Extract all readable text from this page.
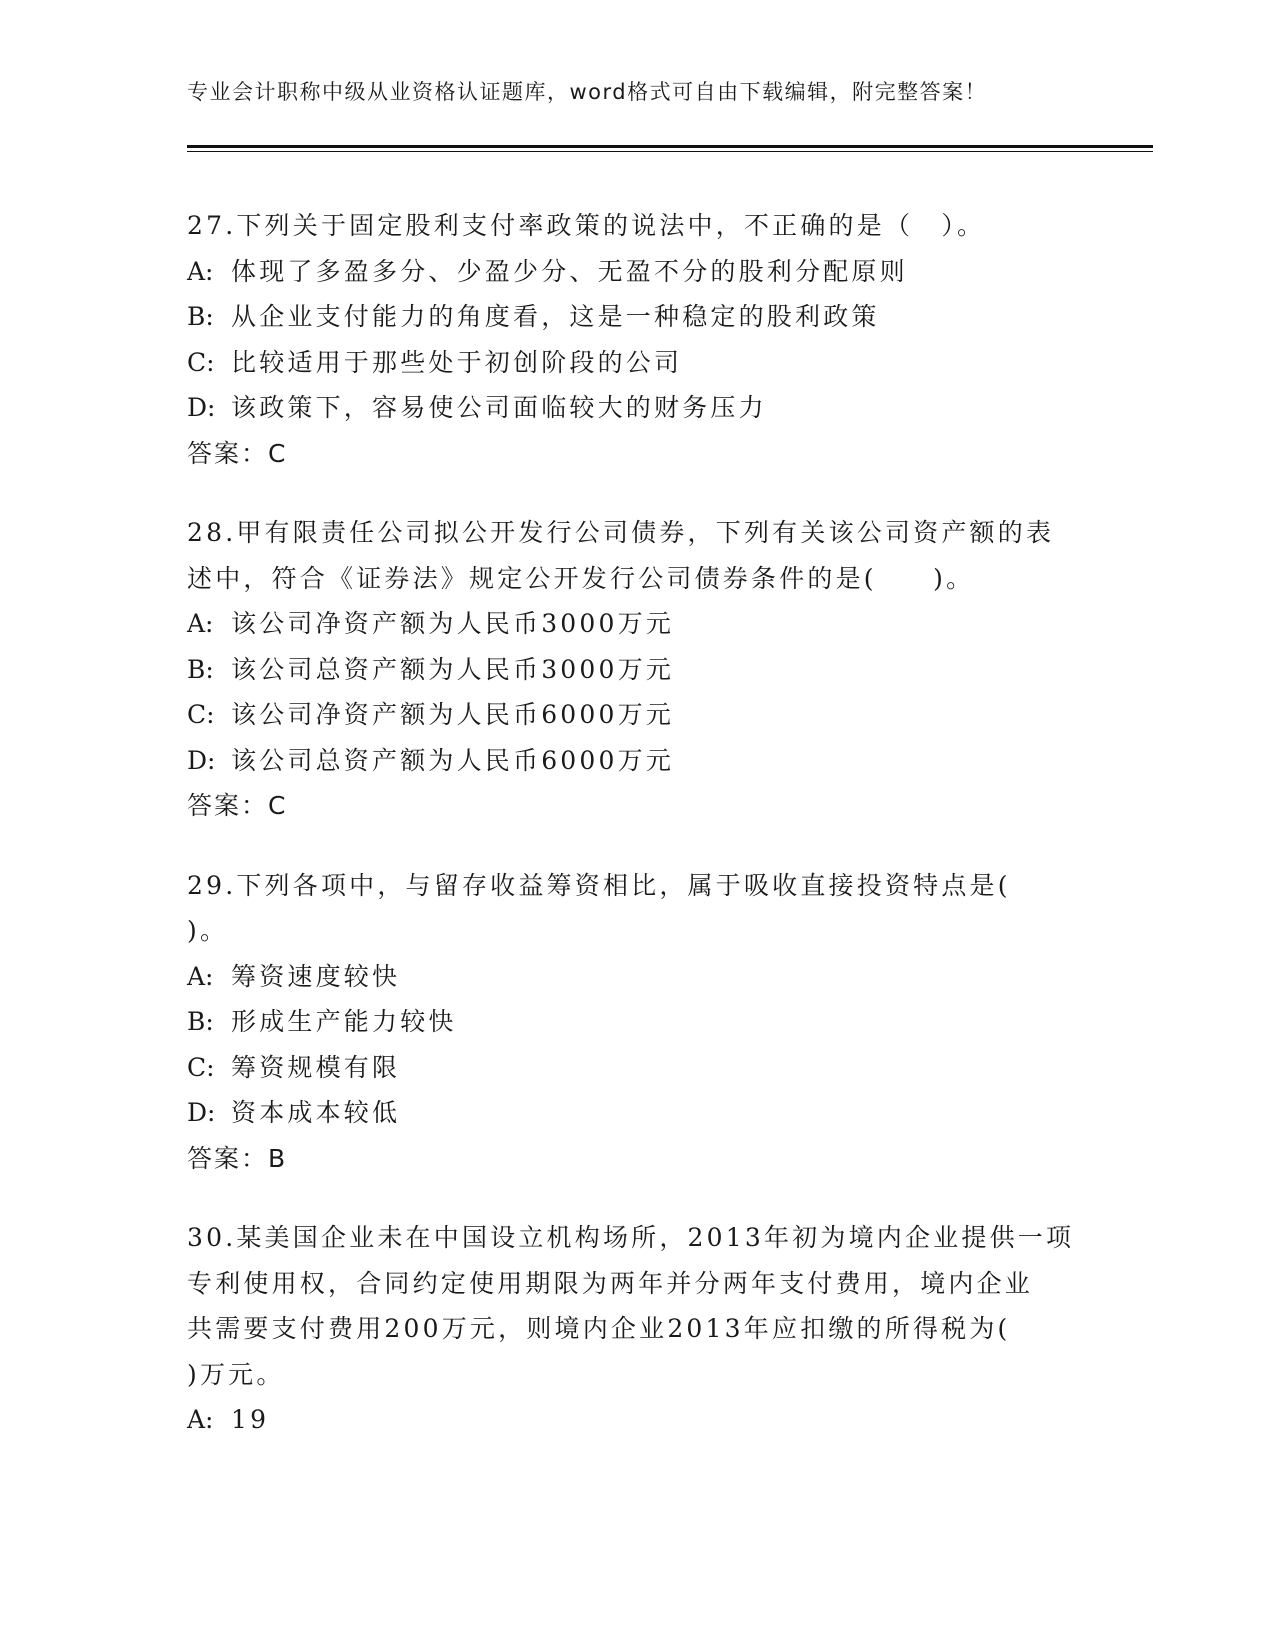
专业会计职称中级从业资格认证题库，word格式可自由下载编辑，附完整答案！
27.下列关于固定股利支付率政策的说法中，不正确的是（　）。
A: 体现了多盈多分、少盈少分、无盈不分的股利分配原则
B: 从企业支付能力的角度看，这是一种稳定的股利政策
C: 比较适用于那些处于初创阶段的公司
D: 该政策下，容易使公司面临较大的财务压力
答案：C
28.甲有限责任公司拟公开发行公司债券，下列有关该公司资产额的表
述中，符合《证券法》规定公开发行公司债券条件的是(　　)。
A: 该公司净资产额为人民币3000万元
B: 该公司总资产额为人民币3000万元
C: 该公司净资产额为人民币6000万元
D: 该公司总资产额为人民币6000万元
答案：C
29.下列各项中，与留存收益筹资相比，属于吸收直接投资特点是(
)。
A: 筹资速度较快
B: 形成生产能力较快
C: 筹资规模有限
D: 资本成本较低
答案：B
30.某美国企业未在中国设立机构场所，2013年初为境内企业提供一项
专利使用权，合同约定使用期限为两年并分两年支付费用，境内企业
共需要支付费用200万元，则境内企业2013年应扣缴的所得税为(
)万元。
A: 19
